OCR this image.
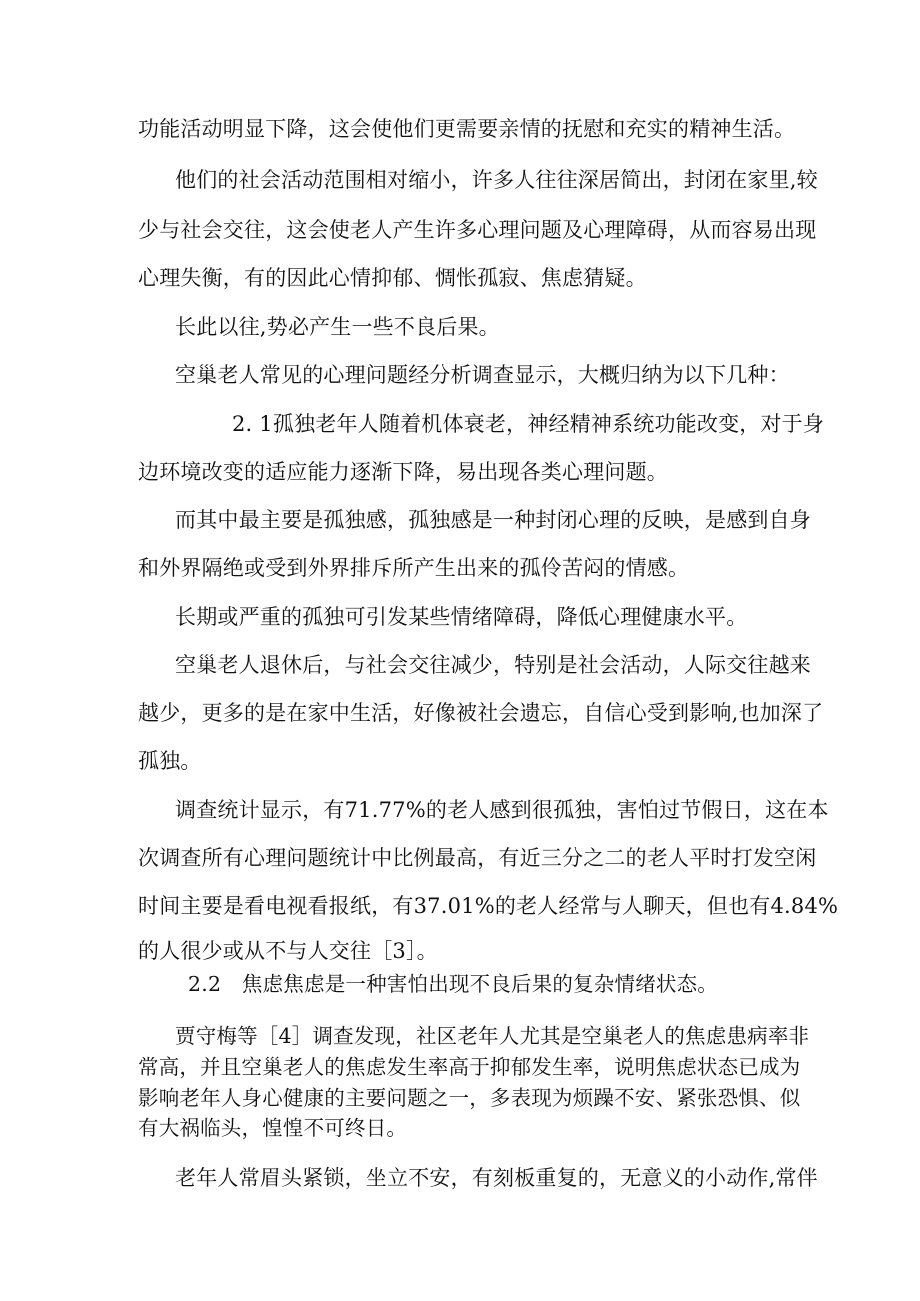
功能活动明显下降，这会使他们更需要亲情的抚慰和充实的精神生活。
他们的社会活动范围相对缩小，许多人往往深居简出，封闭在家里,较
少与社会交往，这会使老人产生许多心理问题及心理障碍，从而容易出现
心理失衡，有的因此心情抑郁、惆怅孤寂、焦虑猜疑。
长此以往,势必产生一些不良后果。
空巢老人常见的心理问题经分析调查显示，大概归纳为以下几种：
2. 1孤独老年人随着机体衰老，神经精神系统功能改变，对于身
边环境改变的适应能力逐渐下降，易出现各类心理问题。
而其中最主要是孤独感，孤独感是一种封闭心理的反映，是感到自身
和外界隔绝或受到外界排斥所产生出来的孤伶苦闷的情感。
长期或严重的孤独可引发某些情绪障碍，降低心理健康水平。
空巢老人退休后，与社会交往减少，特别是社会活动，人际交往越来
越少，更多的是在家中生活，好像被社会遗忘，自信心受到影响,也加深了
孤独。
调查统计显示，有71.77%的老人感到很孤独，害怕过节假日，这在本
次调查所有心理问题统计中比例最高，有近三分之二的老人平时打发空闲
时间主要是看电视看报纸，有37.01%的老人经常与人聊天，但也有4.84%
的人很少或从不与人交往［3］。
2.2　焦虑焦虑是一种害怕出现不良后果的复杂情绪状态。
贾守梅等［4］调查发现，社区老年人尤其是空巢老人的焦虑患病率非
常高，并且空巢老人的焦虑发生率高于抑郁发生率，说明焦虑状态已成为
影响老年人身心健康的主要问题之一，多表现为烦躁不安、紧张恐惧、似
有大祸临头，惶惶不可终日。
老年人常眉头紧锁，坐立不安，有刻板重复的，无意义的小动作,常伴
